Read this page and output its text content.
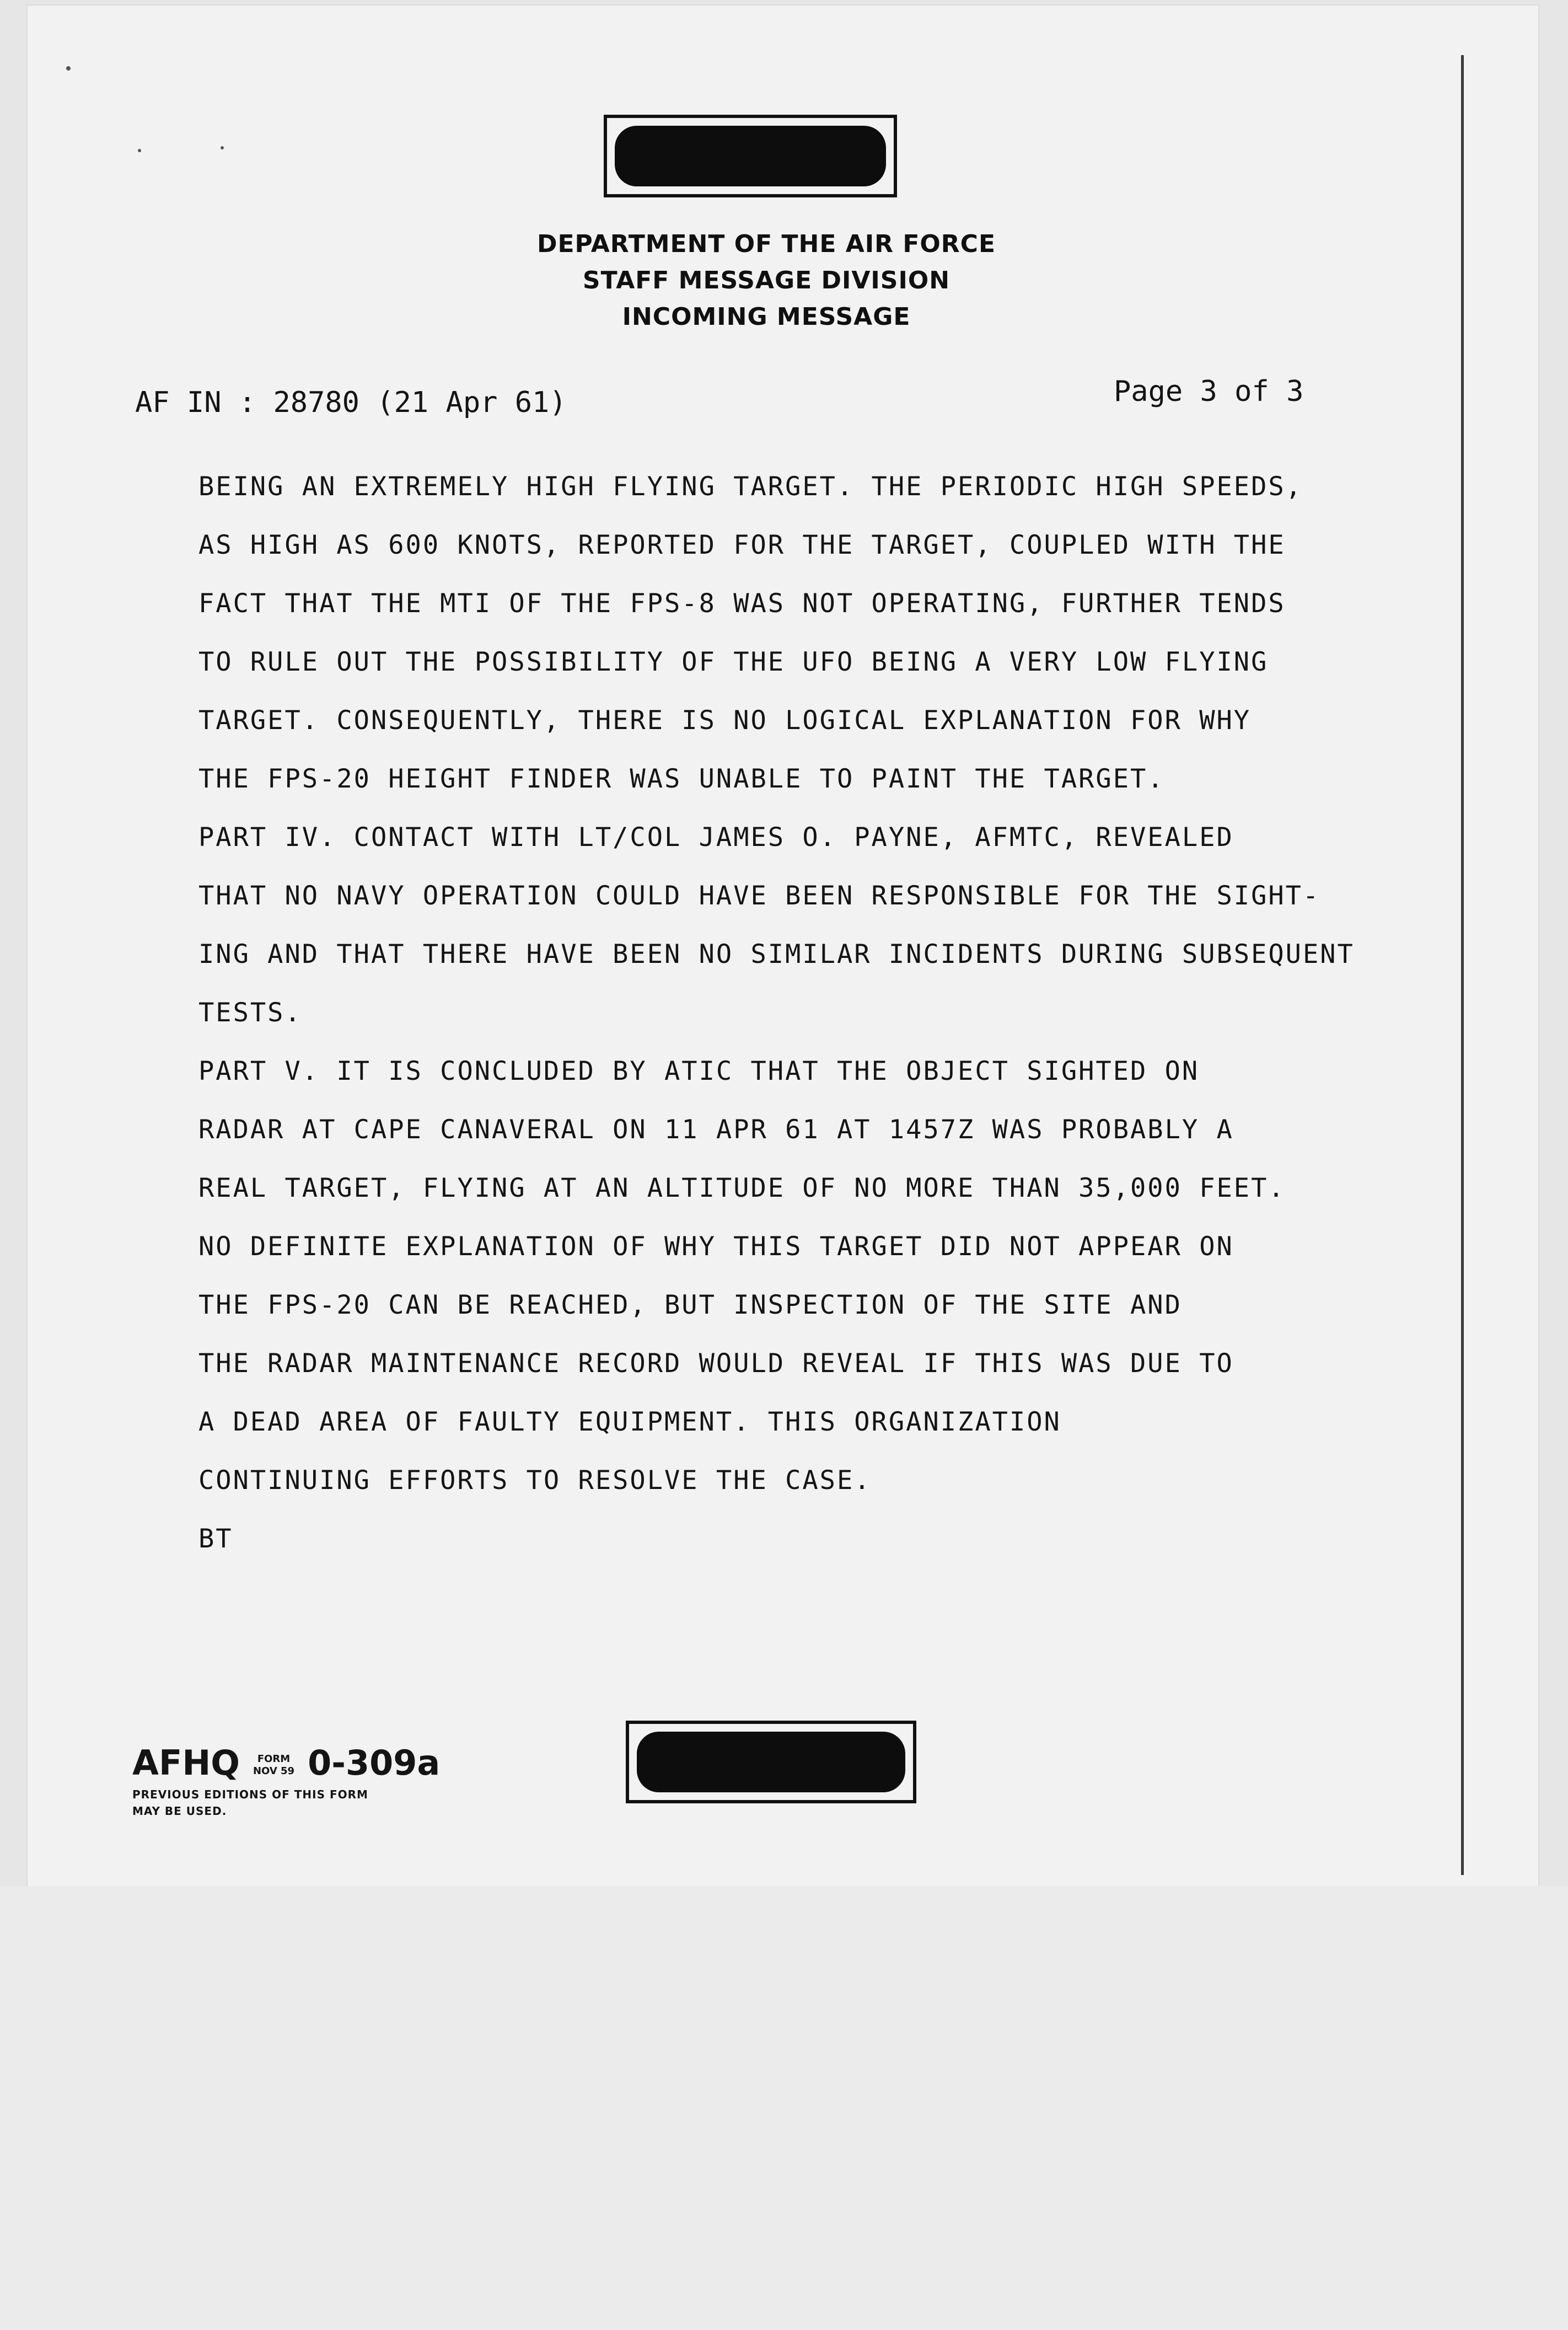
DEPARTMENT OF THE AIR FORCE
STAFF MESSAGE DIVISION
INCOMING MESSAGE
AF IN : 28780 (21 Apr 61)	Page 3 of 3
BEING AN EXTREMELY HIGH FLYING TARGET. THE PERIODIC HIGH SPEEDS,
AS HIGH AS 600 KNOTS, REPORTED FOR THE TARGET, COUPLED WITH THE
FACT THAT THE MTI OF THE FPS-8 WAS NOT OPERATING, FURTHER TENDS
TO RULE OUT THE POSSIBILITY OF THE UFO BEING A VERY LOW FLYING
TARGET. CONSEQUENTLY, THERE IS NO LOGICAL EXPLANATION FOR WHY
THE FPS-20 HEIGHT FINDER WAS UNABLE TO PAINT THE TARGET.
PART IV. CONTACT WITH LT/COL JAMES O. PAYNE, AFMTC, REVEALED
THAT NO NAVY OPERATION COULD HAVE BEEN RESPONSIBLE FOR THE SIGHT-
ING AND THAT THERE HAVE BEEN NO SIMILAR INCIDENTS DURING SUBSEQUENT
TESTS.
PART V. IT IS CONCLUDED BY ATIC THAT THE OBJECT SIGHTED ON
RADAR AT CAPE CANAVERAL ON 11 APR 61 AT 1457Z WAS PROBABLY A
REAL TARGET, FLYING AT AN ALTITUDE OF NO MORE THAN 35,000 FEET.
NO DEFINITE EXPLANATION OF WHY THIS TARGET DID NOT APPEAR ON
THE FPS-20 CAN BE REACHED, BUT INSPECTION OF THE SITE AND
THE RADAR MAINTENANCE RECORD WOULD REVEAL IF THIS WAS DUE TO
A DEAD AREA OF FAULTY EQUIPMENT. THIS ORGANIZATION
CONTINUING EFFORTS TO RESOLVE THE CASE.
BT
AFHQ	FORM
NOV 59 0-309a
PREVIOUS EDITIONS OF THIS FORM
MAY BE USED.
